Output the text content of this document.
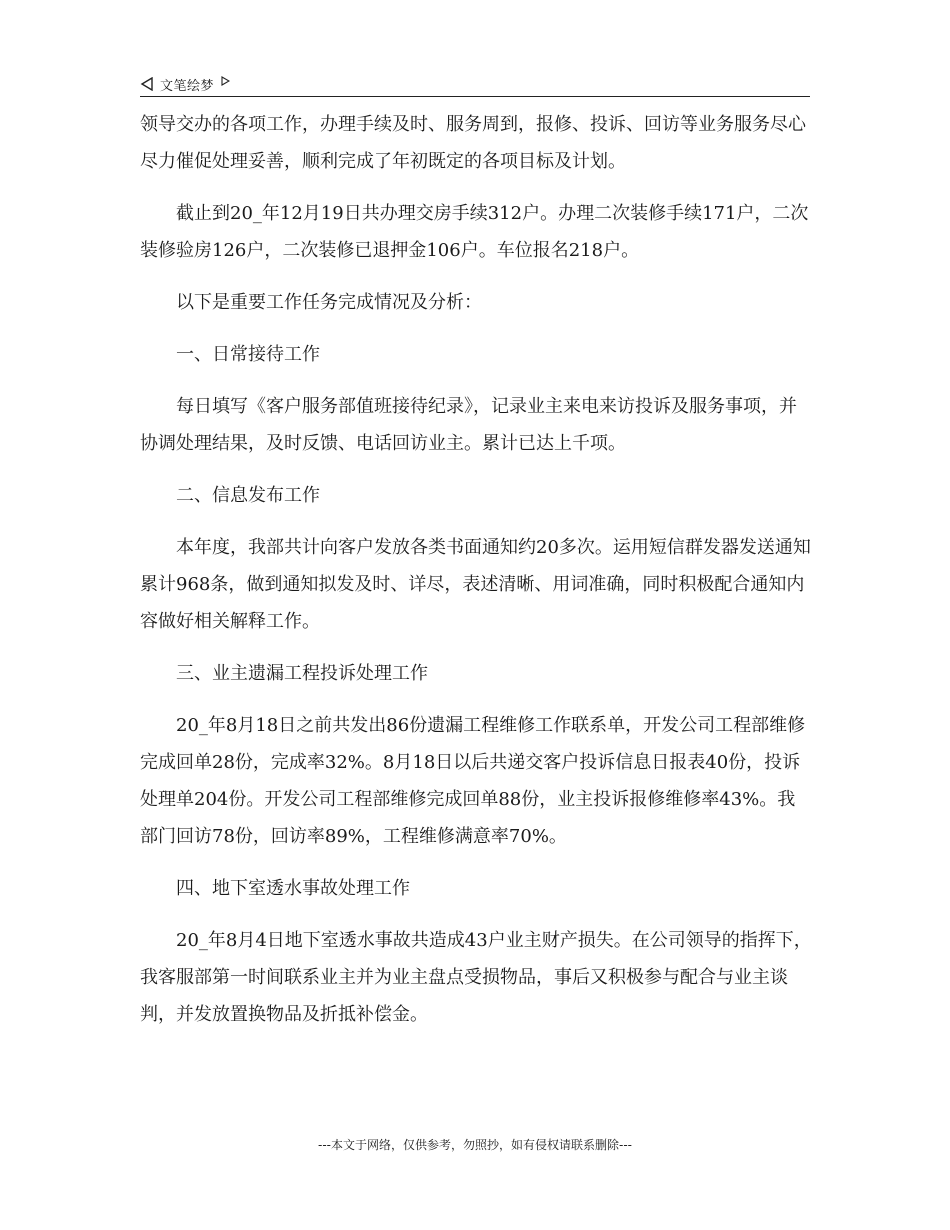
文笔绘梦

领导交办的各项工作，办理手续及时、服务周到，报修、投诉、回访等业务服务尽心尽力催促处理妥善，顺利完成了年初既定的各项目标及计划。

截止到20_年12月19日共办理交房手续312户。办理二次装修手续171户，二次装修验房126户，二次装修已退押金106户。车位报名218户。

以下是重要工作任务完成情况及分析：

一、日常接待工作

每日填写《客户服务部值班接待纪录》，记录业主来电来访投诉及服务事项，并协调处理结果，及时反馈、电话回访业主。累计已达上千项。

二、信息发布工作

本年度，我部共计向客户发放各类书面通知约20多次。运用短信群发器发送通知累计968条，做到通知拟发及时、详尽，表述清晰、用词准确，同时积极配合通知内容做好相关解释工作。

三、业主遗漏工程投诉处理工作

20_年8月18日之前共发出86份遗漏工程维修工作联系单，开发公司工程部维修完成回单28份，完成率32%。8月18日以后共递交客户投诉信息日报表40份，投诉处理单204份。开发公司工程部维修完成回单88份，业主投诉报修维修率43%。我部门回访78份，回访率89%，工程维修满意率70%。

四、地下室透水事故处理工作

20_年8月4日地下室透水事故共造成43户业主财产损失。在公司领导的指挥下，我客服部第一时间联系业主并为业主盘点受损物品，事后又积极参与配合与业主谈判，并发放置换物品及折抵补偿金。

---本文于网络，仅供参考，勿照抄，如有侵权请联系删除---
